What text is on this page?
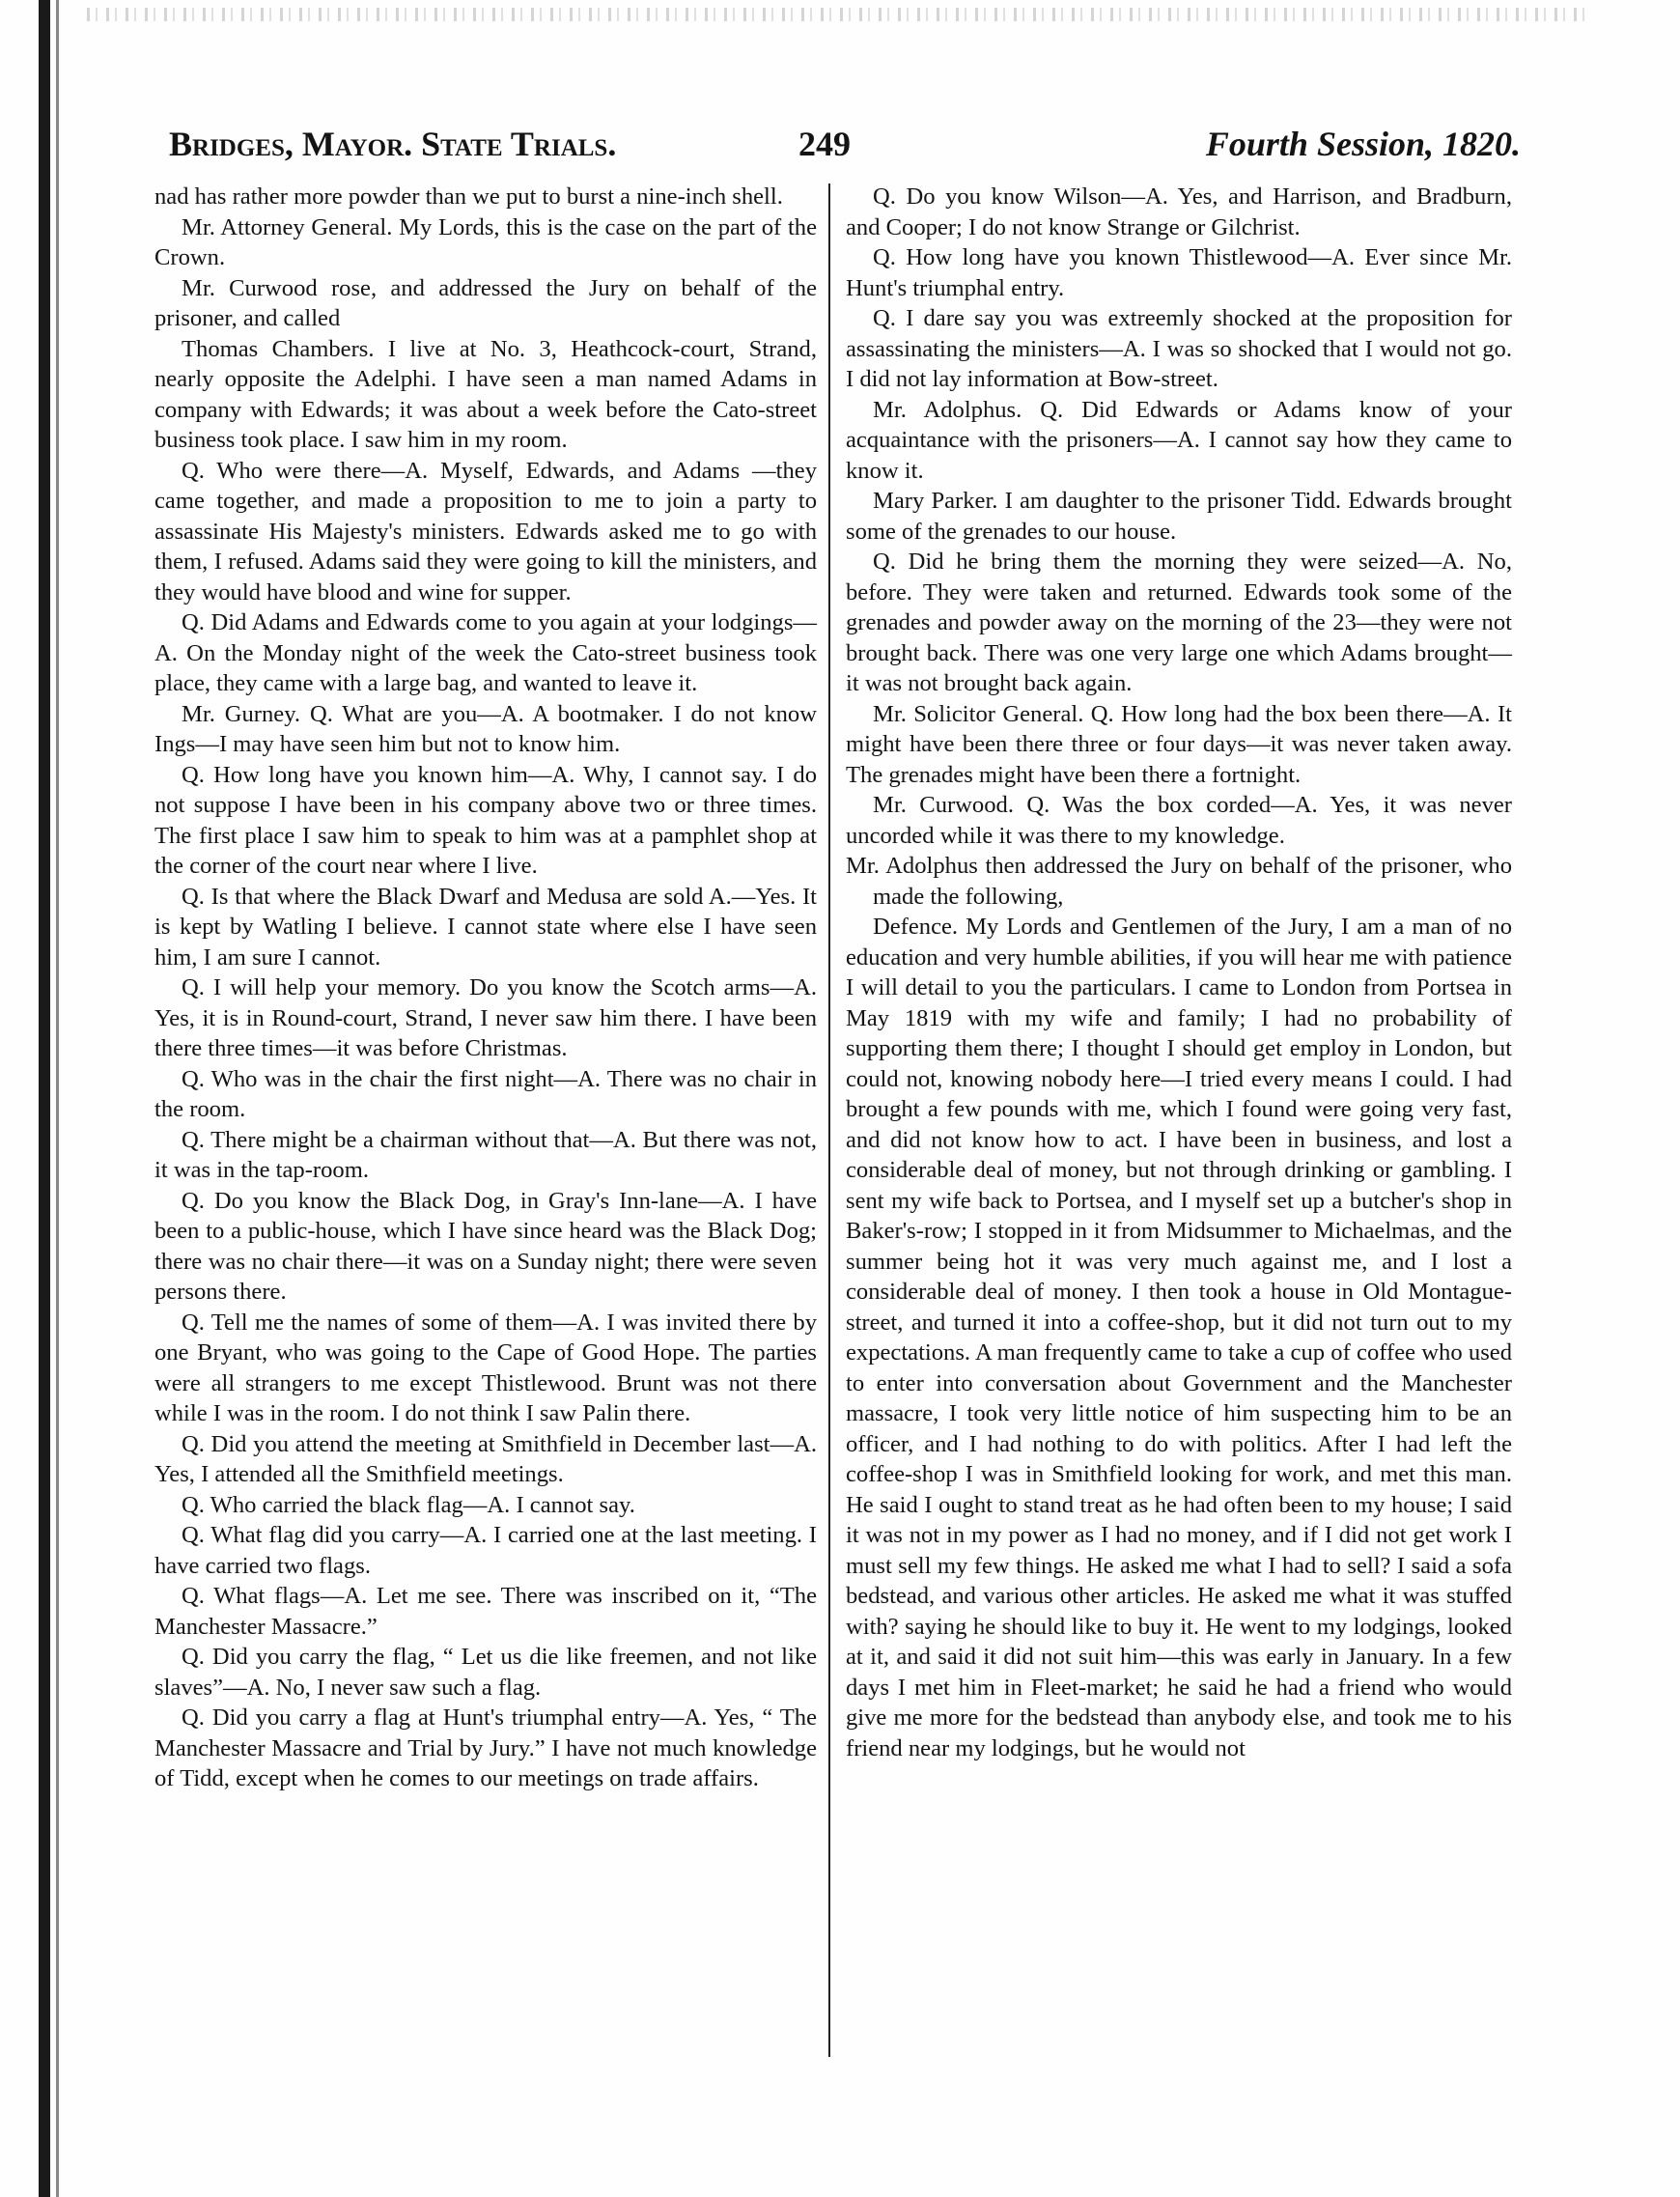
Bridges, Mayor. State Trials.	249	Fourth Session, 1820.

nad has rather more powder than we put to burst a nine-inch shell.

Mr. Attorney General. My Lords, this is the case on the part of the Crown.

Mr. Curwood rose, and addressed the Jury on behalf of the prisoner, and called

Thomas Chambers. I live at No. 3, Heathcock-court, Strand, nearly opposite the Adelphi. I have seen a man named Adams in company with Edwards; it was about a week before the Cato-street business took place. I saw him in my room.

Q. Who were there—A. Myself, Edwards, and Adams —they came together, and made a proposition to me to join a party to assassinate His Majesty's ministers. Edwards asked me to go with them, I refused. Adams said they were going to kill the ministers, and they would have blood and wine for supper.

Q. Did Adams and Edwards come to you again at your lodgings—A. On the Monday night of the week the Cato-street business took place, they came with a large bag, and wanted to leave it.

Mr. Gurney. Q. What are you—A. A bootmaker. I do not know Ings—I may have seen him but not to know him.

Q. How long have you known him—A. Why, I cannot say. I do not suppose I have been in his company above two or three times. The first place I saw him to speak to him was at a pamphlet shop at the corner of the court near where I live.

Q. Is that where the Black Dwarf and Medusa are sold A.—Yes. It is kept by Watling I believe. I cannot state where else I have seen him, I am sure I cannot.

Q. I will help your memory. Do you know the Scotch arms—A. Yes, it is in Round-court, Strand, I never saw him there. I have been there three times—it was before Christmas.

Q. Who was in the chair the first night—A. There was no chair in the room.

Q. There might be a chairman without that—A. But there was not, it was in the tap-room.

Q. Do you know the Black Dog, in Gray's Inn-lane—A. I have been to a public-house, which I have since heard was the Black Dog; there was no chair there—it was on a Sunday night; there were seven persons there.

Q. Tell me the names of some of them—A. I was invited there by one Bryant, who was going to the Cape of Good Hope. The parties were all strangers to me except Thistlewood. Brunt was not there while I was in the room. I do not think I saw Palin there.

Q. Did you attend the meeting at Smithfield in December last—A. Yes, I attended all the Smithfield meetings.

Q. Who carried the black flag—A. I cannot say.

Q. What flag did you carry—A. I carried one at the last meeting. I have carried two flags.

Q. What flags—A. Let me see. There was inscribed on it, “The Manchester Massacre.”

Q. Did you carry the flag, “ Let us die like freemen, and not like slaves”—A. No, I never saw such a flag.

Q. Did you carry a flag at Hunt's triumphal entry—A. Yes, “ The Manchester Massacre and Trial by Jury.” I have not much knowledge of Tidd, except when he comes to our meetings on trade affairs.

Q. Do you know Wilson—A. Yes, and Harrison, and Bradburn, and Cooper; I do not know Strange or Gilchrist.

Q. How long have you known Thistlewood—A. Ever since Mr. Hunt's triumphal entry.

Q. I dare say you was extreemly shocked at the proposition for assassinating the ministers—A. I was so shocked that I would not go. I did not lay information at Bow-street.

Mr. Adolphus. Q. Did Edwards or Adams know of your acquaintance with the prisoners—A. I cannot say how they came to know it.

Mary Parker. I am daughter to the prisoner Tidd. Edwards brought some of the grenades to our house.

Q. Did he bring them the morning they were seized—A. No, before. They were taken and returned. Edwards took some of the grenades and powder away on the morning of the 23—they were not brought back. There was one very large one which Adams brought—it was not brought back again.

Mr. Solicitor General. Q. How long had the box been there—A. It might have been there three or four days—it was never taken away. The grenades might have been there a fortnight.

Mr. Curwood. Q. Was the box corded—A. Yes, it was never uncorded while it was there to my knowledge.

Mr. Adolphus then addressed the Jury on behalf of the prisoner, who made the following,

Defence. My Lords and Gentlemen of the Jury, I am a man of no education and very humble abilities, if you will hear me with patience I will detail to you the particulars. I came to London from Portsea in May 1819 with my wife and family; I had no probability of supporting them there; I thought I should get employ in London, but could not, knowing nobody here—I tried every means I could. I had brought a few pounds with me, which I found were going very fast, and did not know how to act. I have been in business, and lost a considerable deal of money, but not through drinking or gambling. I sent my wife back to Portsea, and I myself set up a butcher's shop in Baker's-row; I stopped in it from Midsummer to Michaelmas, and the summer being hot it was very much against me, and I lost a considerable deal of money. I then took a house in Old Montague-street, and turned it into a coffee-shop, but it did not turn out to my expectations. A man frequently came to take a cup of coffee who used to enter into conversation about Government and the Manchester massacre, I took very little notice of him suspecting him to be an officer, and I had nothing to do with politics. After I had left the coffee-shop I was in Smithfield looking for work, and met this man. He said I ought to stand treat as he had often been to my house; I said it was not in my power as I had no money, and if I did not get work I must sell my few things. He asked me what I had to sell? I said a sofa bedstead, and various other articles. He asked me what it was stuffed with? saying he should like to buy it. He went to my lodgings, looked at it, and said it did not suit him—this was early in January. In a few days I met him in Fleet-market; he said he had a friend who would give me more for the bedstead than anybody else, and took me to his friend near my lodgings, but he would not
